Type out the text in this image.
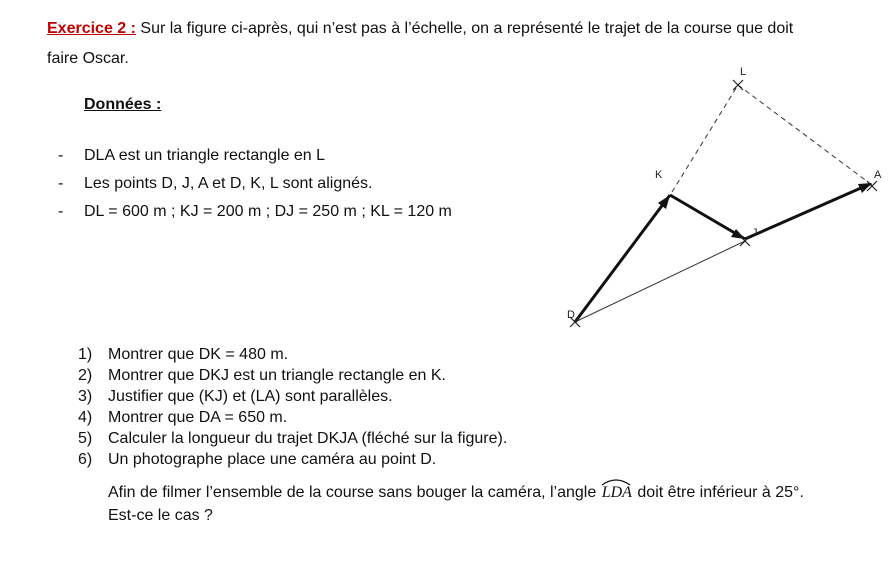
Exercice 2 : Sur la figure ci-après, qui n’est pas à l’échelle, on a représenté le trajet de la course que doit
faire Oscar.
Données :
- DLA est un triangle rectangle en L
- Les points D, J, A et D, K, L sont alignés.
- DL = 600 m ; KJ = 200 m ; DJ = 250 m ; KL = 120 m
L
A
K
J
D
1) Montrer que DK = 480 m.
2) Montrer que DKJ est un triangle rectangle en K.
3) Justifier que (KJ) et (LA) sont parallèles.
4) Montrer que DA = 650 m.
5) Calculer la longueur du trajet DKJA (fléché sur la figure).
6) Un photographe place une caméra au point D.
Afin de filmer l’ensemble de la course sans bouger la caméra, l’angle LDA doit être inférieur à 25°.
Est-ce le cas ?
